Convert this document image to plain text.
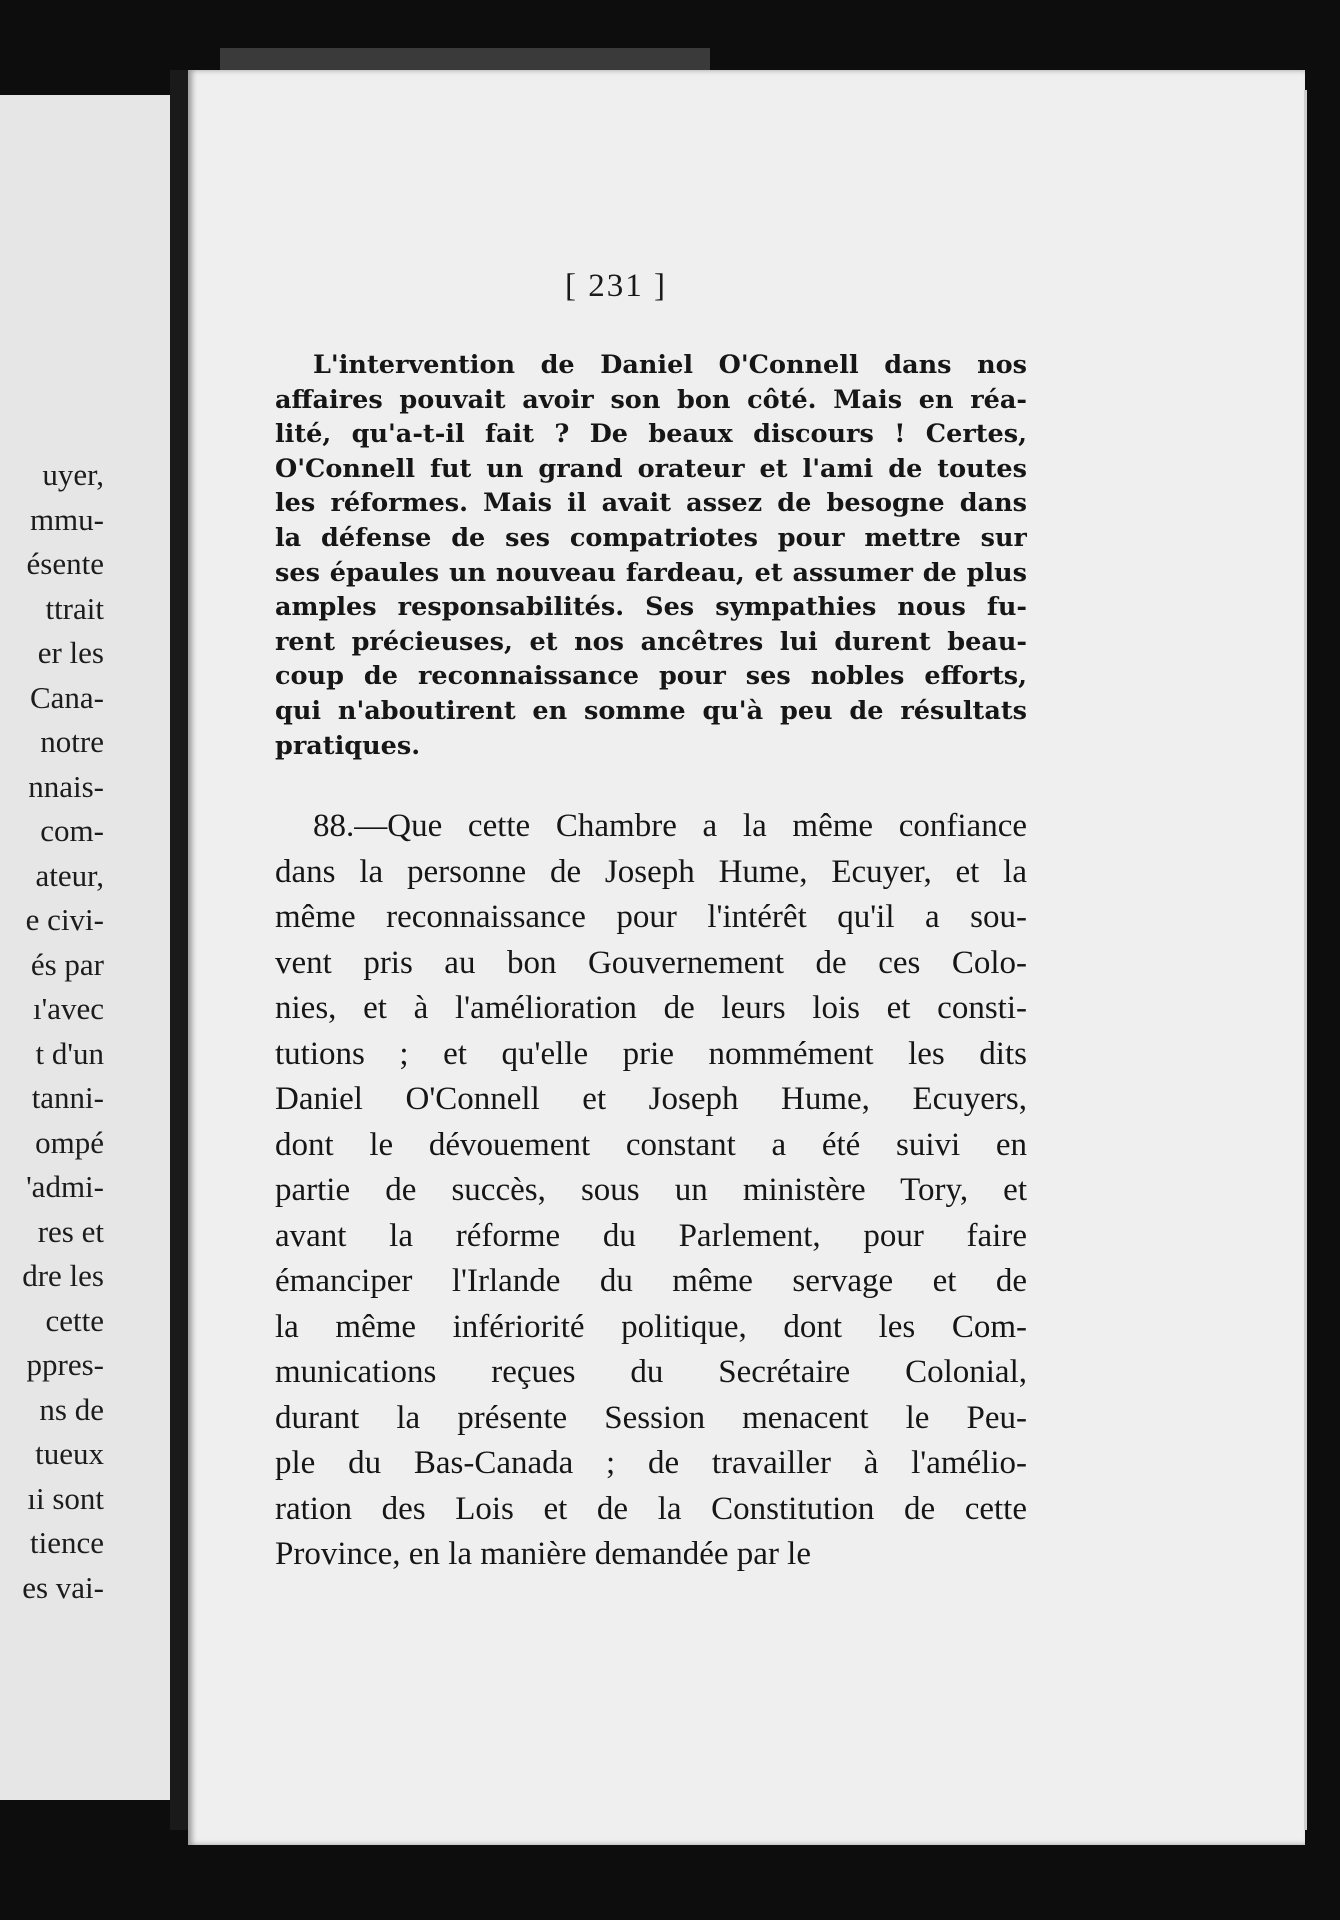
uyer,
mmu-
ésente
ttrait
er les
Cana-
notre
nnais-
com-
ateur,
e civi-
és par
ı'avec
t d'un
tanni-
ompé
'admi-
res et
dre les
cette
ppres-
ns de
tueux
ıi sont
tience
es vai-
[ 231 ]
L'intervention de Daniel O'Connell dans nos
affaires pouvait avoir son bon côté. Mais en réa-
lité, qu'a-t-il fait ? De beaux discours ! Certes,
O'Connell fut un grand orateur et l'ami de toutes
les réformes. Mais il avait assez de besogne dans
la défense de ses compatriotes pour mettre sur
ses épaules un nouveau fardeau, et assumer de plus
amples responsabilités. Ses sympathies nous fu-
rent précieuses, et nos ancêtres lui durent beau-
coup de reconnaissance pour ses nobles efforts,
qui n'aboutirent en somme qu'à peu de résultats
pratiques.
88.—Que cette Chambre a la même confiance
dans la personne de Joseph Hume, Ecuyer, et la
même reconnaissance pour l'intérêt qu'il a sou-
vent pris au bon Gouvernement de ces Colo-
nies, et à l'amélioration de leurs lois et consti-
tutions ; et qu'elle prie nommément les dits
Daniel O'Connell et Joseph Hume, Ecuyers,
dont le dévouement constant a été suivi en
partie de succès, sous un ministère Tory, et
avant la réforme du Parlement, pour faire
émanciper l'Irlande du même servage et de
la même infériorité politique, dont les Com-
munications reçues du Secrétaire Colonial,
durant la présente Session menacent le Peu-
ple du Bas-Canada ; de travailler à l'amélio-
ration des Lois et de la Constitution de cette
Province, en la manière demandée par le
